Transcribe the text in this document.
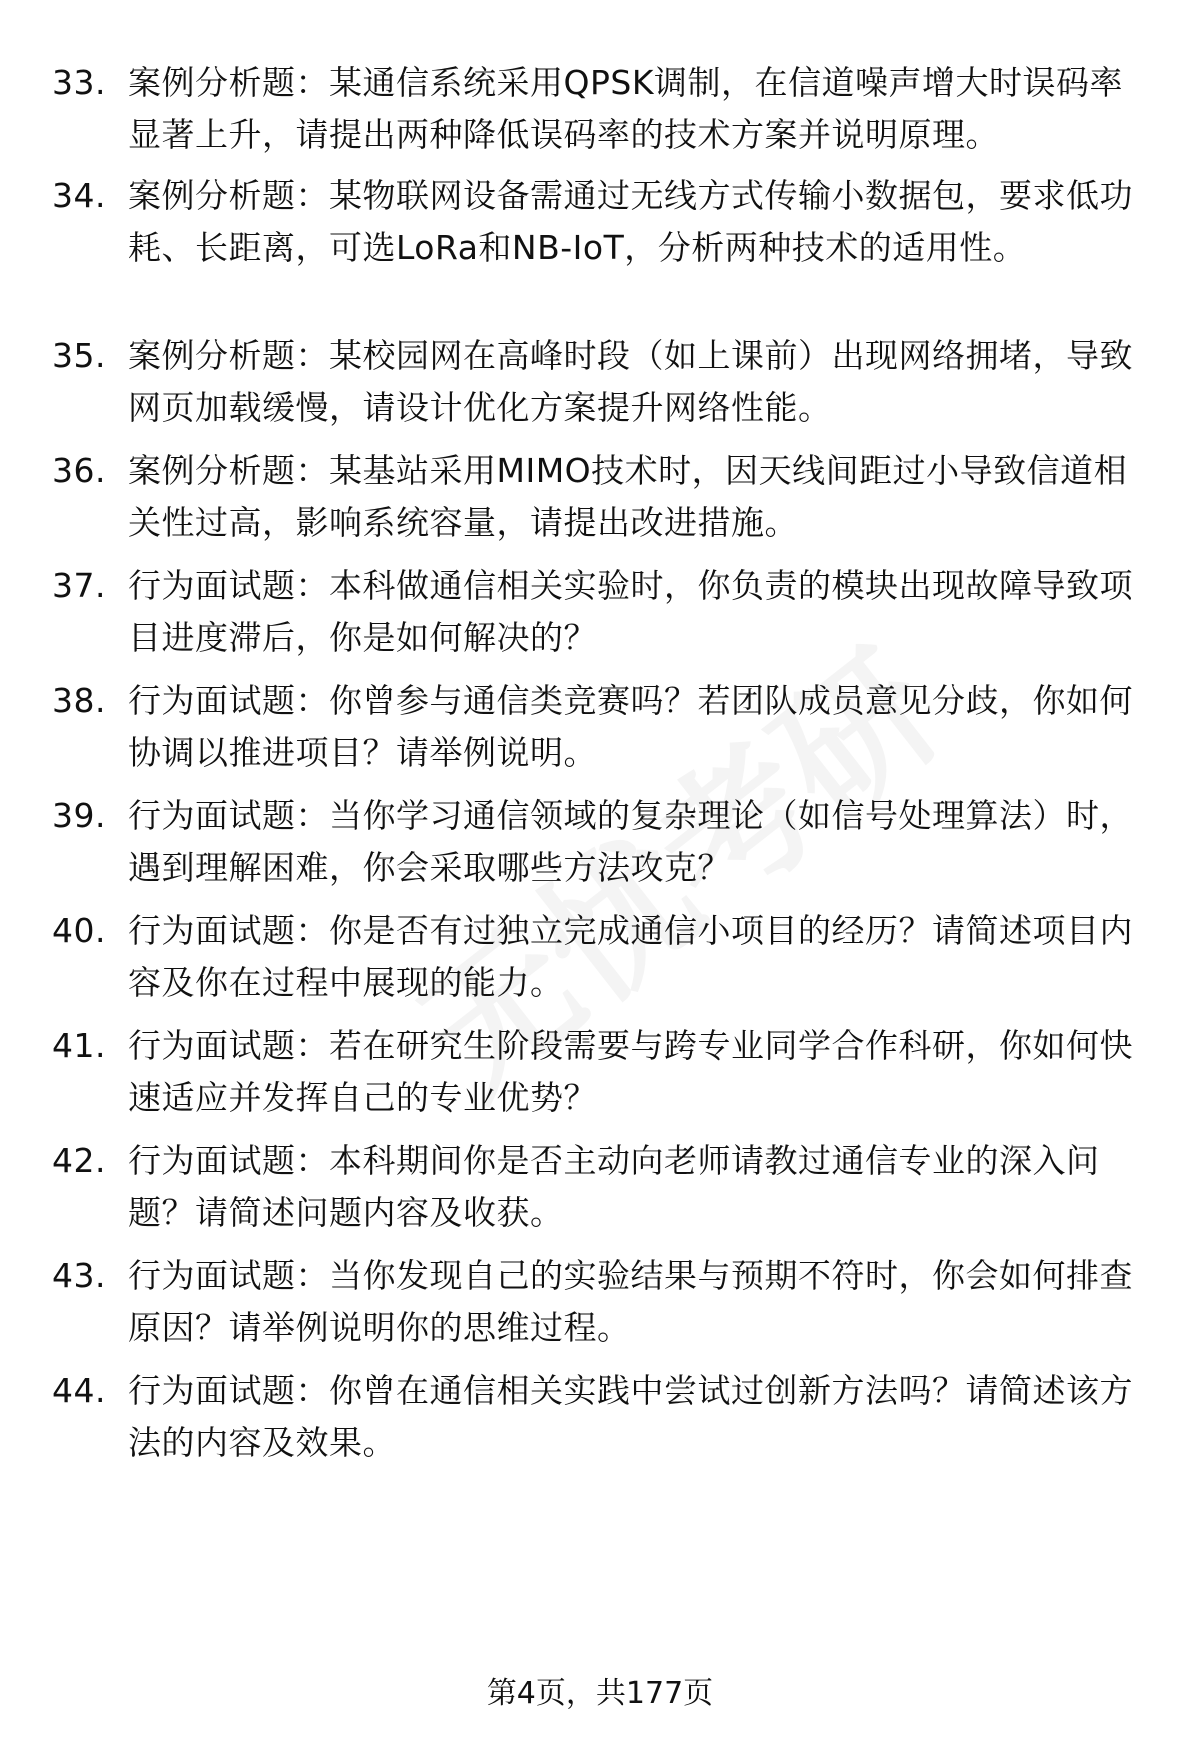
33. 案例分析题：某通信系统采用QPSK调制，在信道噪声增大时误码率显著上升，请提出两种降低误码率的技术方案并说明原理。
34. 案例分析题：某物联网设备需通过无线方式传输小数据包，要求低功耗、长距离，可选LoRa和NB-IoT，分析两种技术的适用性。
35. 案例分析题：某校园网在高峰时段（如上课前）出现网络拥堵，导致网页加载缓慢，请设计优化方案提升网络性能。
36. 案例分析题：某基站采用MIMO技术时，因天线间距过小导致信道相关性过高，影响系统容量，请提出改进措施。
37. 行为面试题：本科做通信相关实验时，你负责的模块出现故障导致项目进度滞后，你是如何解决的？
38. 行为面试题：你曾参与通信类竞赛吗？若团队成员意见分歧，你如何协调以推进项目？请举例说明。
39. 行为面试题：当你学习通信领域的复杂理论（如信号处理算法）时，遇到理解困难，你会采取哪些方法攻克？
40. 行为面试题：你是否有过独立完成通信小项目的经历？请简述项目内容及你在过程中展现的能力。
41. 行为面试题：若在研究生阶段需要与跨专业同学合作科研，你如何快速适应并发挥自己的专业优势？
42. 行为面试题：本科期间你是否主动向老师请教过通信专业的深入问题？请简述问题内容及收获。
43. 行为面试题：当你发现自己的实验结果与预期不符时，你会如何排查原因？请举例说明你的思维过程。
44. 行为面试题：你曾在通信相关实践中尝试过创新方法吗？请简述该方法的内容及效果。
第4页，共177页
